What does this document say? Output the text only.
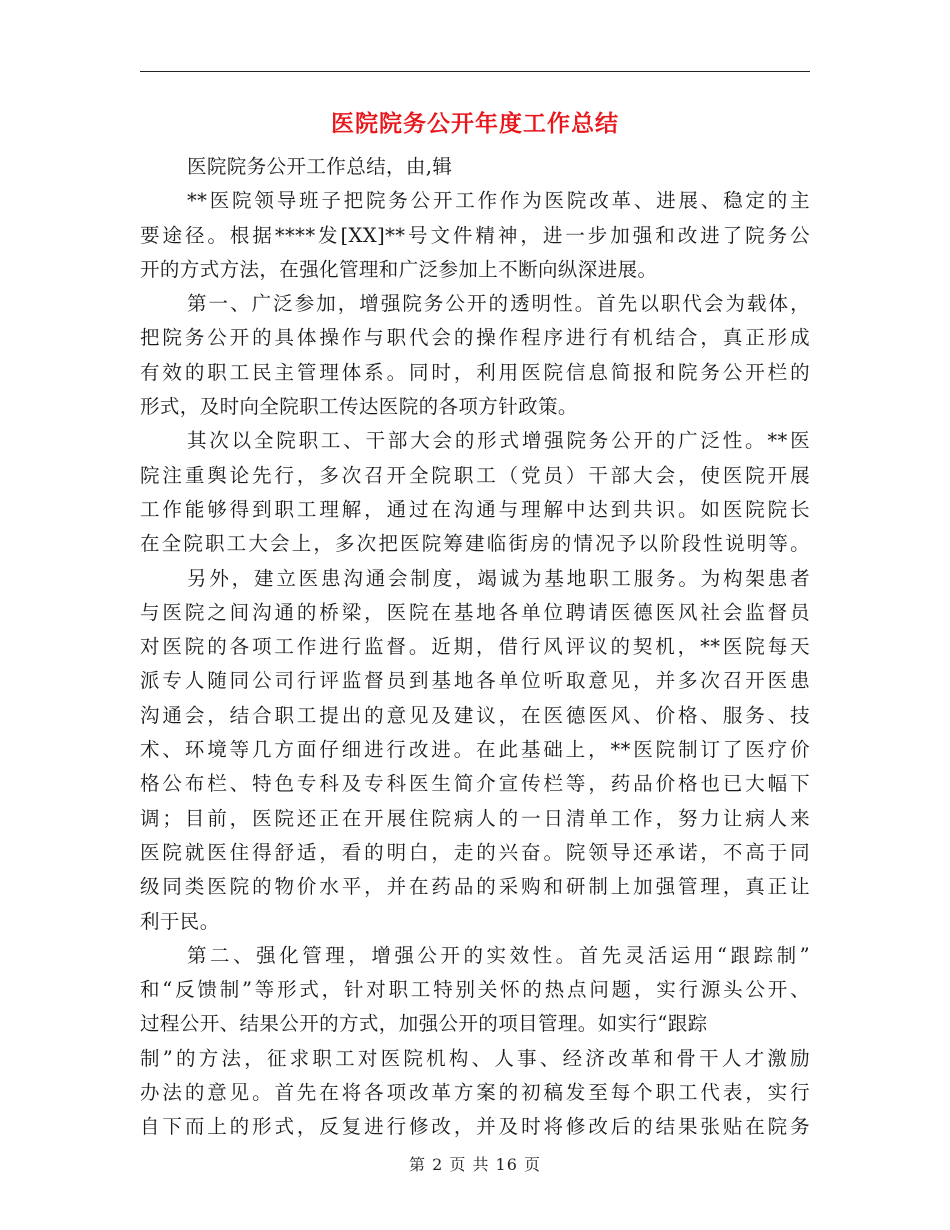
医院院务公开年度工作总结
医院院务公开工作总结，由,辑
**医院领导班子把院务公开工作作为医院改革、进展、稳定的主
要途径。根据****发[XX]**号文件精神，进一步加强和改进了院务公
开的方式方法，在强化管理和广泛参加上不断向纵深进展。
第一、广泛参加，增强院务公开的透明性。首先以职代会为载体，
把院务公开的具体操作与职代会的操作程序进行有机结合，真正形成
有效的职工民主管理体系。同时，利用医院信息简报和院务公开栏的
形式，及时向全院职工传达医院的各项方针政策。
其次以全院职工、干部大会的形式增强院务公开的广泛性。**医
院注重舆论先行，多次召开全院职工（党员）干部大会，使医院开展
工作能够得到职工理解，通过在沟通与理解中达到共识。如医院院长
在全院职工大会上，多次把医院筹建临街房的情况予以阶段性说明等。
另外，建立医患沟通会制度，竭诚为基地职工服务。为构架患者
与医院之间沟通的桥梁，医院在基地各单位聘请医德医风社会监督员
对医院的各项工作进行监督。近期，借行风评议的契机，**医院每天
派专人随同公司行评监督员到基地各单位听取意见，并多次召开医患
沟通会，结合职工提出的意见及建议，在医德医风、价格、服务、技
术、环境等几方面仔细进行改进。在此基础上，**医院制订了医疗价
格公布栏、特色专科及专科医生简介宣传栏等，药品价格也已大幅下
调；目前，医院还正在开展住院病人的一日清单工作，努力让病人来
医院就医住得舒适，看的明白，走的兴奋。院领导还承诺，不高于同
级同类医院的物价水平，并在药品的采购和研制上加强管理，真正让
利于民。
第二、强化管理，增强公开的实效性。首先灵活运用“跟踪制”
和“反馈制”等形式，针对职工特别关怀的热点问题，实行源头公开、
过程公开、结果公开的方式，加强公开的项目管理。如实行“跟踪
制”的方法，征求职工对医院机构、人事、经济改革和骨干人才激励
办法的意见。首先在将各项改革方案的初稿发至每个职工代表，实行
自下而上的形式，反复进行修改，并及时将修改后的结果张贴在院务
第 2 页 共 16 页
